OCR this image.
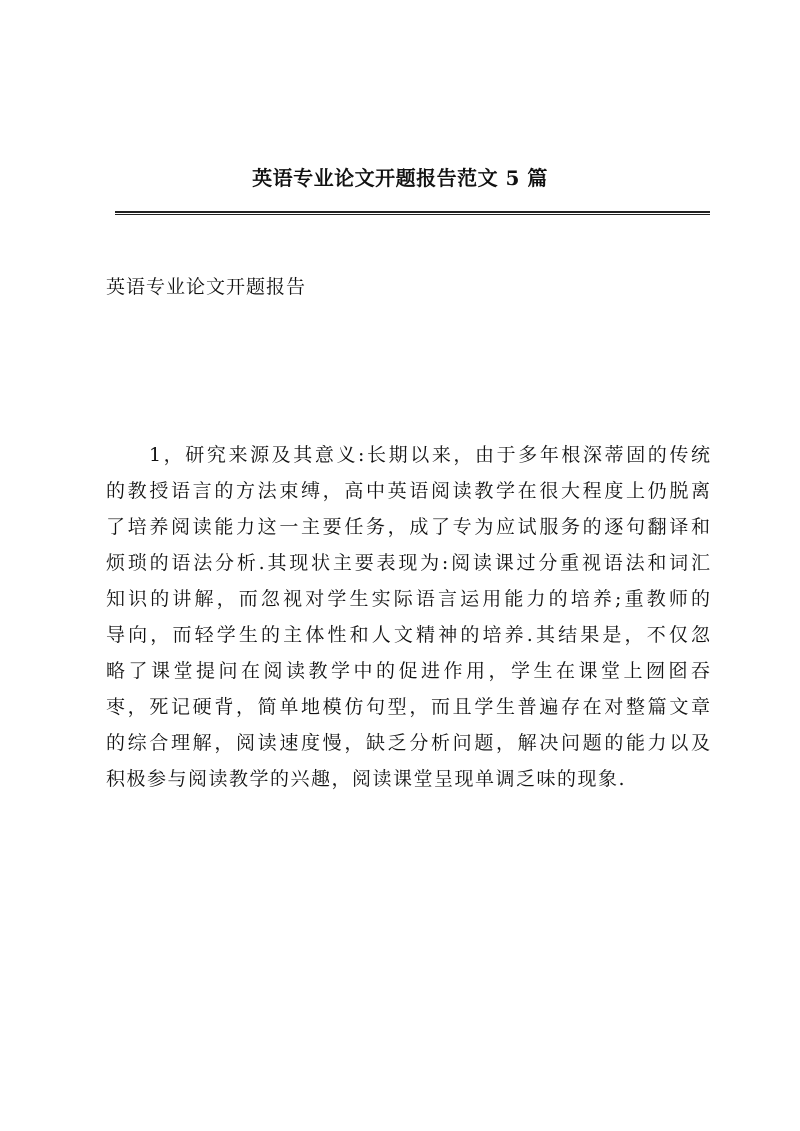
英语专业论文开题报告范文 5 篇
英语专业论文开题报告
1，研究来源及其意义:长期以来，由于多年根深蒂固的传统
的教授语言的方法束缚，高中英语阅读教学在很大程度上仍脱离
了培养阅读能力这一主要任务，成了专为应试服务的逐句翻译和
烦琐的语法分析.其现状主要表现为:阅读课过分重视语法和词汇
知识的讲解，而忽视对学生实际语言运用能力的培养;重教师的
导向，而轻学生的主体性和人文精神的培养.其结果是，不仅忽
略了课堂提问在阅读教学中的促进作用，学生在课堂上囫囵吞
枣，死记硬背，简单地模仿句型，而且学生普遍存在对整篇文章
的综合理解，阅读速度慢，缺乏分析问题，解决问题的能力以及
积极参与阅读教学的兴趣，阅读课堂呈现单调乏味的现象.
